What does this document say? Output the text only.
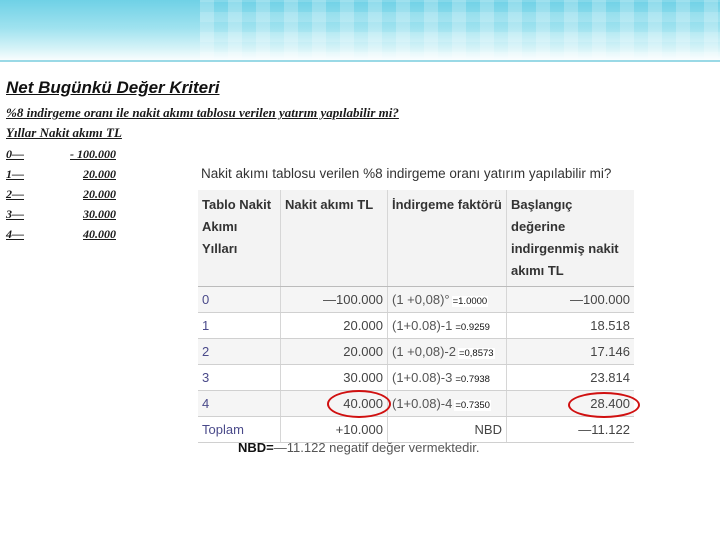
Net Bugünkü Değer Kriteri
%8 indirgeme oranı ile nakit akımı tablosu verilen yatırım yapılabilir mi?
Yıllar Nakit akımı TL
0—	- 100.000
1—	20.000
2—	20.000
3—	30.000
4—	40.000
Nakit akımı tablosu verilen %8 indirgeme oranı yatırım yapılabilir mi?
Tablo Nakit Akımı Yılları	Nakit akımı TL	İndirgeme faktörü	Başlangıç değerine indirgenmiş nakit akımı TL
0	—100.000	(1 +0,08)° =1.0000	—100.000
1	20.000	(1+0.08)-1 =0.9259	18.518
2	20.000	(1 +0,08)-2 =0,8573	17.146
3	30.000	(1+0.08)-3 =0.7938	23.814
4	40.000	(1+0.08)-4 =0.7350	28.400
Toplam	+10.000	NBD	—11.122
NBD=—11.122 negatif değer vermektedir.
